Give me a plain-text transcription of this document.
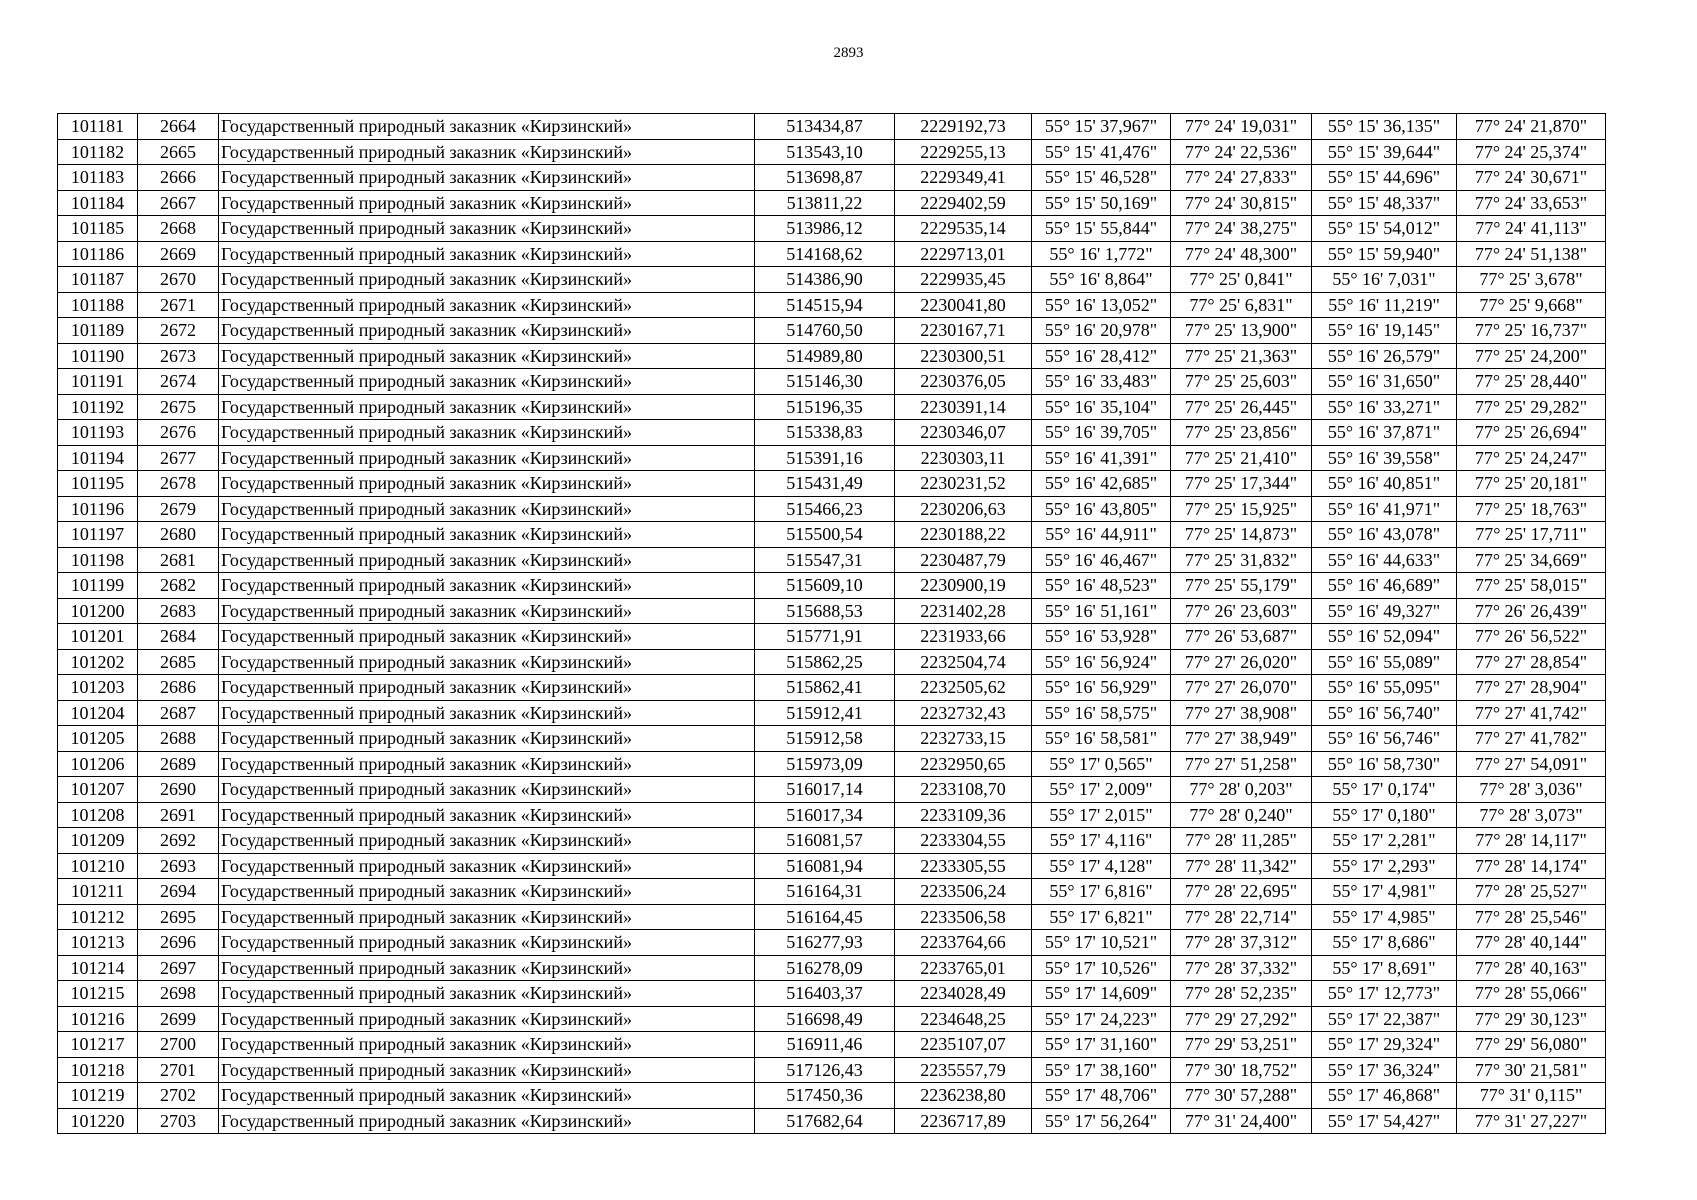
2893
101181	2664	Государственный природный заказник «Кирзинский»	513434,87	2229192,73	55° 15' 37,967"	77° 24' 19,031"	55° 15' 36,135"	77° 24' 21,870"
101182	2665	Государственный природный заказник «Кирзинский»	513543,10	2229255,13	55° 15' 41,476"	77° 24' 22,536"	55° 15' 39,644"	77° 24' 25,374"
101183	2666	Государственный природный заказник «Кирзинский»	513698,87	2229349,41	55° 15' 46,528"	77° 24' 27,833"	55° 15' 44,696"	77° 24' 30,671"
101184	2667	Государственный природный заказник «Кирзинский»	513811,22	2229402,59	55° 15' 50,169"	77° 24' 30,815"	55° 15' 48,337"	77° 24' 33,653"
101185	2668	Государственный природный заказник «Кирзинский»	513986,12	2229535,14	55° 15' 55,844"	77° 24' 38,275"	55° 15' 54,012"	77° 24' 41,113"
101186	2669	Государственный природный заказник «Кирзинский»	514168,62	2229713,01	55° 16' 1,772"	77° 24' 48,300"	55° 15' 59,940"	77° 24' 51,138"
101187	2670	Государственный природный заказник «Кирзинский»	514386,90	2229935,45	55° 16' 8,864"	77° 25' 0,841"	55° 16' 7,031"	77° 25' 3,678"
101188	2671	Государственный природный заказник «Кирзинский»	514515,94	2230041,80	55° 16' 13,052"	77° 25' 6,831"	55° 16' 11,219"	77° 25' 9,668"
101189	2672	Государственный природный заказник «Кирзинский»	514760,50	2230167,71	55° 16' 20,978"	77° 25' 13,900"	55° 16' 19,145"	77° 25' 16,737"
101190	2673	Государственный природный заказник «Кирзинский»	514989,80	2230300,51	55° 16' 28,412"	77° 25' 21,363"	55° 16' 26,579"	77° 25' 24,200"
101191	2674	Государственный природный заказник «Кирзинский»	515146,30	2230376,05	55° 16' 33,483"	77° 25' 25,603"	55° 16' 31,650"	77° 25' 28,440"
101192	2675	Государственный природный заказник «Кирзинский»	515196,35	2230391,14	55° 16' 35,104"	77° 25' 26,445"	55° 16' 33,271"	77° 25' 29,282"
101193	2676	Государственный природный заказник «Кирзинский»	515338,83	2230346,07	55° 16' 39,705"	77° 25' 23,856"	55° 16' 37,871"	77° 25' 26,694"
101194	2677	Государственный природный заказник «Кирзинский»	515391,16	2230303,11	55° 16' 41,391"	77° 25' 21,410"	55° 16' 39,558"	77° 25' 24,247"
101195	2678	Государственный природный заказник «Кирзинский»	515431,49	2230231,52	55° 16' 42,685"	77° 25' 17,344"	55° 16' 40,851"	77° 25' 20,181"
101196	2679	Государственный природный заказник «Кирзинский»	515466,23	2230206,63	55° 16' 43,805"	77° 25' 15,925"	55° 16' 41,971"	77° 25' 18,763"
101197	2680	Государственный природный заказник «Кирзинский»	515500,54	2230188,22	55° 16' 44,911"	77° 25' 14,873"	55° 16' 43,078"	77° 25' 17,711"
101198	2681	Государственный природный заказник «Кирзинский»	515547,31	2230487,79	55° 16' 46,467"	77° 25' 31,832"	55° 16' 44,633"	77° 25' 34,669"
101199	2682	Государственный природный заказник «Кирзинский»	515609,10	2230900,19	55° 16' 48,523"	77° 25' 55,179"	55° 16' 46,689"	77° 25' 58,015"
101200	2683	Государственный природный заказник «Кирзинский»	515688,53	2231402,28	55° 16' 51,161"	77° 26' 23,603"	55° 16' 49,327"	77° 26' 26,439"
101201	2684	Государственный природный заказник «Кирзинский»	515771,91	2231933,66	55° 16' 53,928"	77° 26' 53,687"	55° 16' 52,094"	77° 26' 56,522"
101202	2685	Государственный природный заказник «Кирзинский»	515862,25	2232504,74	55° 16' 56,924"	77° 27' 26,020"	55° 16' 55,089"	77° 27' 28,854"
101203	2686	Государственный природный заказник «Кирзинский»	515862,41	2232505,62	55° 16' 56,929"	77° 27' 26,070"	55° 16' 55,095"	77° 27' 28,904"
101204	2687	Государственный природный заказник «Кирзинский»	515912,41	2232732,43	55° 16' 58,575"	77° 27' 38,908"	55° 16' 56,740"	77° 27' 41,742"
101205	2688	Государственный природный заказник «Кирзинский»	515912,58	2232733,15	55° 16' 58,581"	77° 27' 38,949"	55° 16' 56,746"	77° 27' 41,782"
101206	2689	Государственный природный заказник «Кирзинский»	515973,09	2232950,65	55° 17' 0,565"	77° 27' 51,258"	55° 16' 58,730"	77° 27' 54,091"
101207	2690	Государственный природный заказник «Кирзинский»	516017,14	2233108,70	55° 17' 2,009"	77° 28' 0,203"	55° 17' 0,174"	77° 28' 3,036"
101208	2691	Государственный природный заказник «Кирзинский»	516017,34	2233109,36	55° 17' 2,015"	77° 28' 0,240"	55° 17' 0,180"	77° 28' 3,073"
101209	2692	Государственный природный заказник «Кирзинский»	516081,57	2233304,55	55° 17' 4,116"	77° 28' 11,285"	55° 17' 2,281"	77° 28' 14,117"
101210	2693	Государственный природный заказник «Кирзинский»	516081,94	2233305,55	55° 17' 4,128"	77° 28' 11,342"	55° 17' 2,293"	77° 28' 14,174"
101211	2694	Государственный природный заказник «Кирзинский»	516164,31	2233506,24	55° 17' 6,816"	77° 28' 22,695"	55° 17' 4,981"	77° 28' 25,527"
101212	2695	Государственный природный заказник «Кирзинский»	516164,45	2233506,58	55° 17' 6,821"	77° 28' 22,714"	55° 17' 4,985"	77° 28' 25,546"
101213	2696	Государственный природный заказник «Кирзинский»	516277,93	2233764,66	55° 17' 10,521"	77° 28' 37,312"	55° 17' 8,686"	77° 28' 40,144"
101214	2697	Государственный природный заказник «Кирзинский»	516278,09	2233765,01	55° 17' 10,526"	77° 28' 37,332"	55° 17' 8,691"	77° 28' 40,163"
101215	2698	Государственный природный заказник «Кирзинский»	516403,37	2234028,49	55° 17' 14,609"	77° 28' 52,235"	55° 17' 12,773"	77° 28' 55,066"
101216	2699	Государственный природный заказник «Кирзинский»	516698,49	2234648,25	55° 17' 24,223"	77° 29' 27,292"	55° 17' 22,387"	77° 29' 30,123"
101217	2700	Государственный природный заказник «Кирзинский»	516911,46	2235107,07	55° 17' 31,160"	77° 29' 53,251"	55° 17' 29,324"	77° 29' 56,080"
101218	2701	Государственный природный заказник «Кирзинский»	517126,43	2235557,79	55° 17' 38,160"	77° 30' 18,752"	55° 17' 36,324"	77° 30' 21,581"
101219	2702	Государственный природный заказник «Кирзинский»	517450,36	2236238,80	55° 17' 48,706"	77° 30' 57,288"	55° 17' 46,868"	77° 31' 0,115"
101220	2703	Государственный природный заказник «Кирзинский»	517682,64	2236717,89	55° 17' 56,264"	77° 31' 24,400"	55° 17' 54,427"	77° 31' 27,227"
